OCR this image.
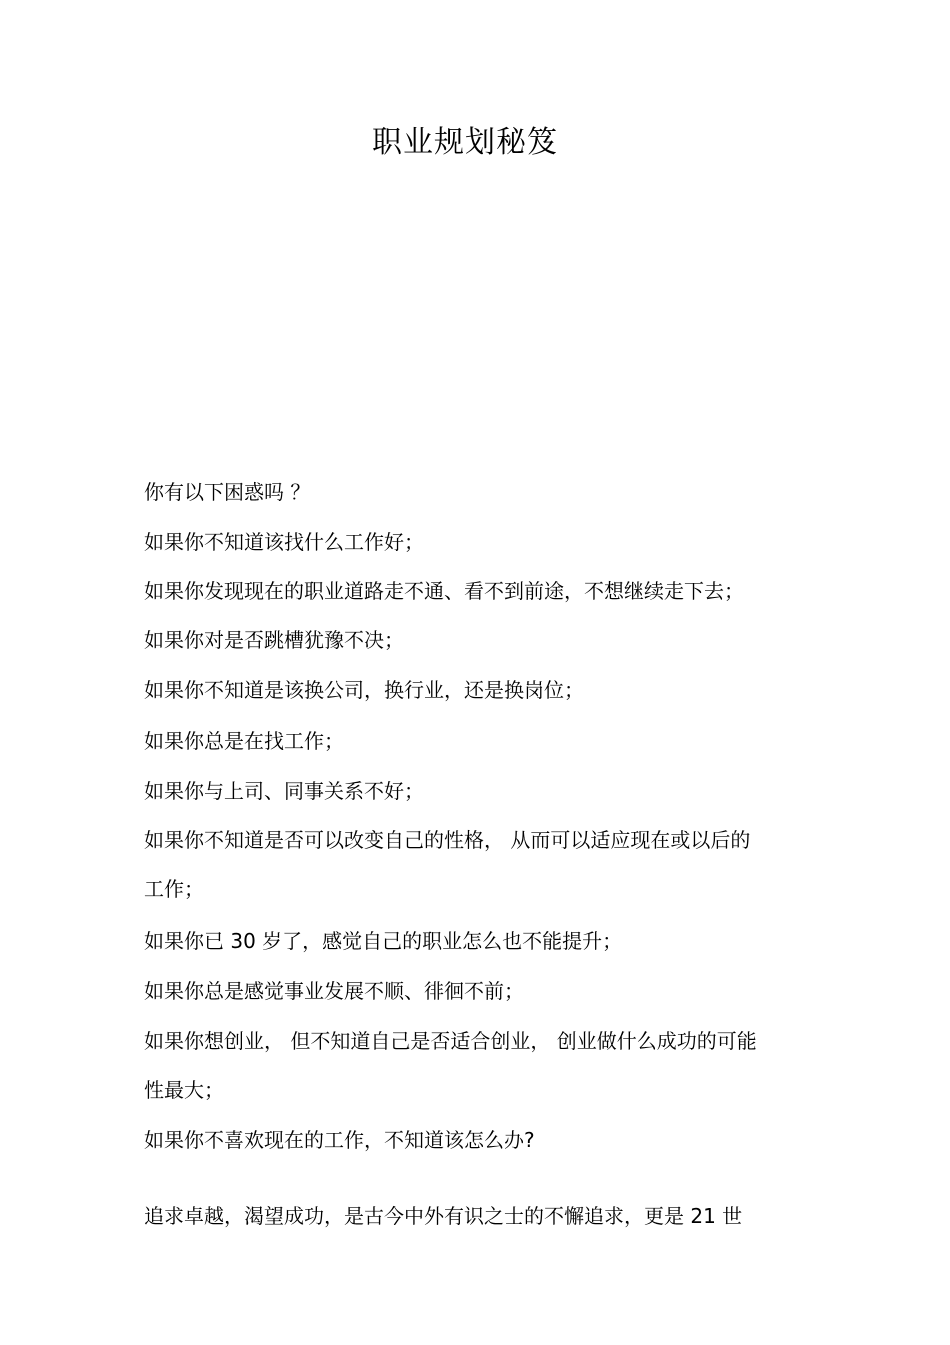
职业规划秘笈
你有以下困惑吗 ？
如果你不知道该找什么工作好；
如果你发现现在的职业道路走不通、看不到前途，不想继续走下去；
如果你对是否跳槽犹豫不决；
如果你不知道是该换公司，换行业，还是换岗位；
如果你总是在找工作；
如果你与上司、同事关系不好；
如果你不知道是否可以改变自己的性格， 从而可以适应现在或以后的
工作；
如果你已 30 岁了，感觉自己的职业怎么也不能提升；
如果你总是感觉事业发展不顺、徘徊不前；
如果你想创业， 但不知道自己是否适合创业， 创业做什么成功的可能
性最大；
如果你不喜欢现在的工作，不知道该怎么办?
追求卓越，渴望成功，是古今中外有识之士的不懈追求，更是 21 世
